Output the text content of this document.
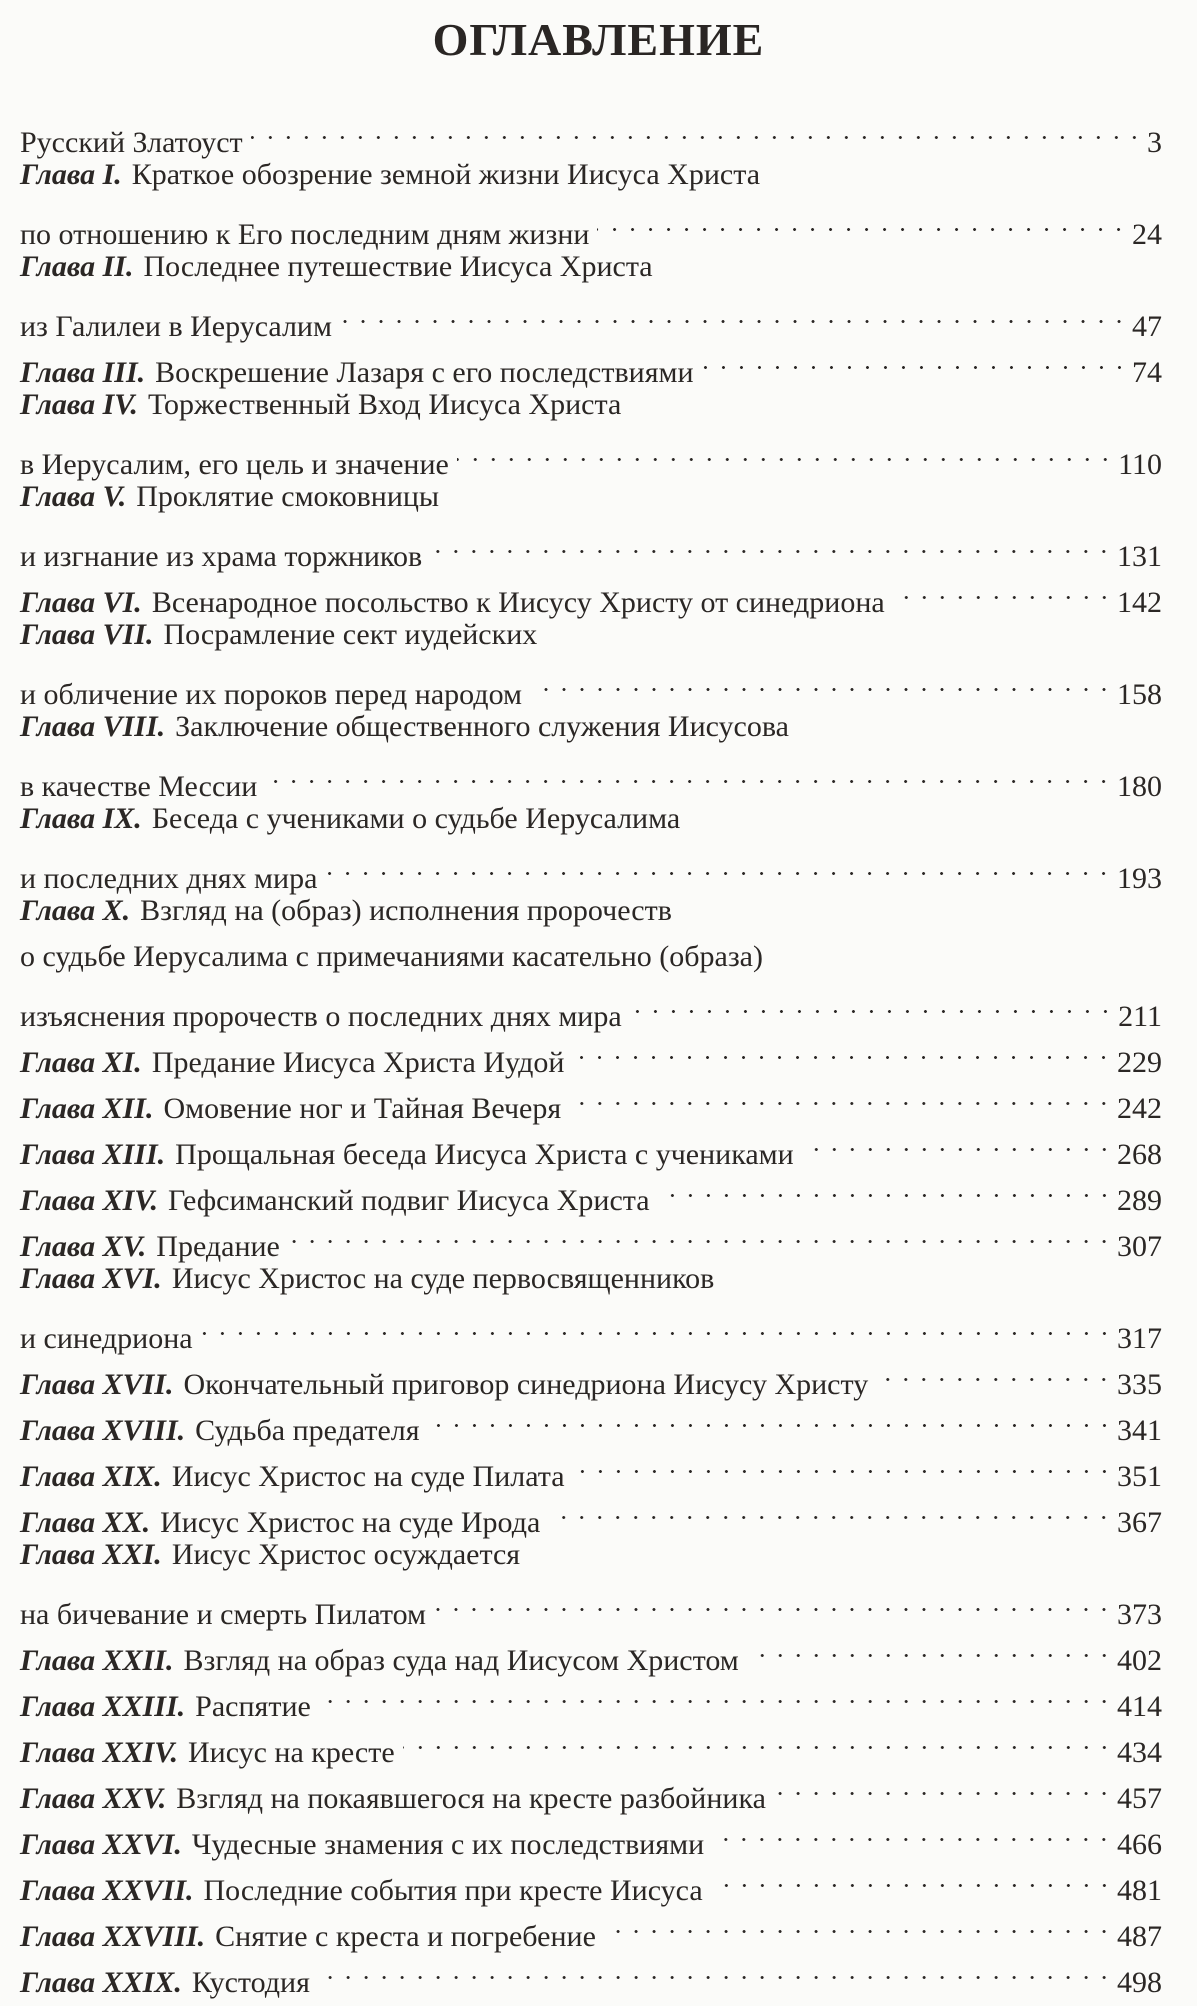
ОГЛАВЛЕНИЕ
Русский Златоуст	3
Глава I. Краткое обозрение земной жизни Иисуса Христа
по отношению к Его последним дням жизни	24
Глава II. Последнее путешествие Иисуса Христа
из Галилеи в Иерусалим	47
Глава III. Воскрешение Лазаря с его последствиями	74
Глава IV. Торжественный Вход Иисуса Христа
в Иерусалим, его цель и значение	110
Глава V. Проклятие смоковницы
и изгнание из храма торжников	131
Глава VI. Всенародное посольство к Иисусу Христу от синедриона	142
Глава VII. Посрамление сект иудейских
и обличение их пороков перед народом	158
Глава VIII. Заключение общественного служения Иисусова
в качестве Мессии	180
Глава IX. Беседа с учениками о судьбе Иерусалима
и последних днях мира	193
Глава X. Взгляд на (образ) исполнения пророчеств
о судьбе Иерусалима с примечаниями касательно (образа)
изъяснения пророчеств о последних днях мира	211
Глава XI. Предание Иисуса Христа Иудой	229
Глава XII. Омовение ног и Тайная Вечеря	242
Глава XIII. Прощальная беседа Иисуса Христа с учениками	268
Глава XIV. Гефсиманский подвиг Иисуса Христа	289
Глава XV. Предание	307
Глава XVI. Иисус Христос на суде первосвященников
и синедриона	317
Глава XVII. Окончательный приговор синедриона Иисусу Христу	335
Глава XVIII. Судьба предателя	341
Глава XIX. Иисус Христос на суде Пилата	351
Глава XX. Иисус Христос на суде Ирода	367
Глава XXI. Иисус Христос осуждается
на бичевание и смерть Пилатом	373
Глава XXII. Взгляд на образ суда над Иисусом Христом	402
Глава XXIII. Распятие	414
Глава XXIV. Иисус на кресте	434
Глава XXV. Взгляд на покаявшегося на кресте разбойника	457
Глава XXVI. Чудесные знамения с их последствиями	466
Глава XXVII. Последние события при кресте Иисуса	481
Глава XXVIII. Снятие с креста и погребение	487
Глава XXIX. Кустодия	498
